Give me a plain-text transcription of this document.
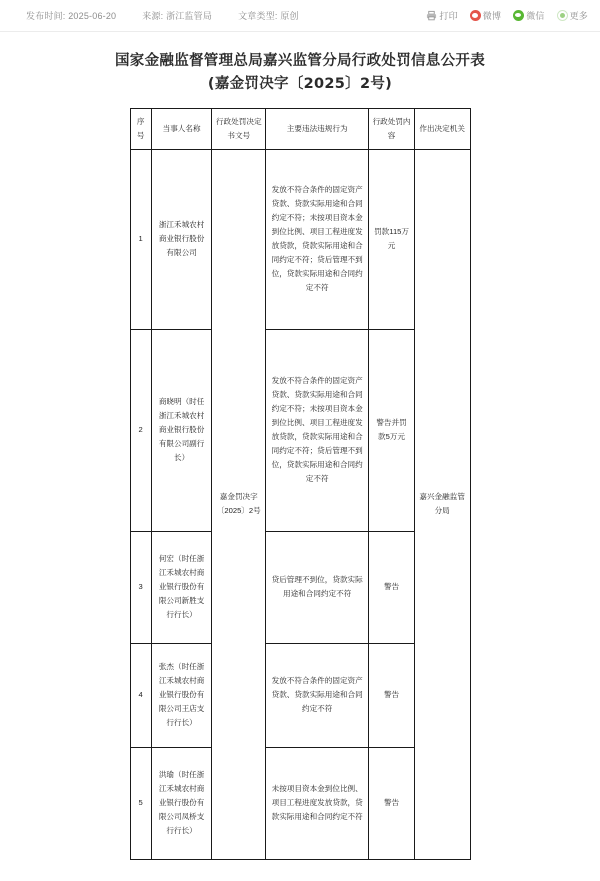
发布时间: 2025-06-20	来源: 浙江监管局	文章类型: 原创	打印	微博	微信	更多
国家金融监督管理总局嘉兴监管分局行政处罚信息公开表
(嘉金罚决字〔2025〕2号)
序号	当事人名称	行政处罚决定书文号	主要违法违规行为	行政处罚内容	作出决定机关
1	浙江禾城农村商业银行股份有限公司	嘉金罚决字〔2025〕2号	发放不符合条件的固定资产贷款、贷款实际用途和合同约定不符；未按项目资本金到位比例、项目工程进度发放贷款，贷款实际用途和合同约定不符；贷后管理不到位，贷款实际用途和合同约定不符	罚款115万元	嘉兴金融监管分局
2	商晓明（时任浙江禾城农村商业银行股份有限公司副行长）		发放不符合条件的固定资产贷款、贷款实际用途和合同约定不符；未按项目资本金到位比例、项目工程进度发放贷款，贷款实际用途和合同约定不符；贷后管理不到位，贷款实际用途和合同约定不符	警告并罚款5万元	
3	何宏（时任浙江禾城农村商业银行股份有限公司新胜支行行长）		贷后管理不到位，贷款实际用途和合同约定不符	警告	
4	张杰（时任浙江禾城农村商业银行股份有限公司王店支行行长）		发放不符合条件的固定资产贷款、贷款实际用途和合同约定不符	警告	
5	洪瑜（时任浙江禾城农村商业银行股份有限公司凤桥支行行长）		未按项目资本金到位比例、项目工程进度发放贷款，贷款实际用途和合同约定不符	警告	
